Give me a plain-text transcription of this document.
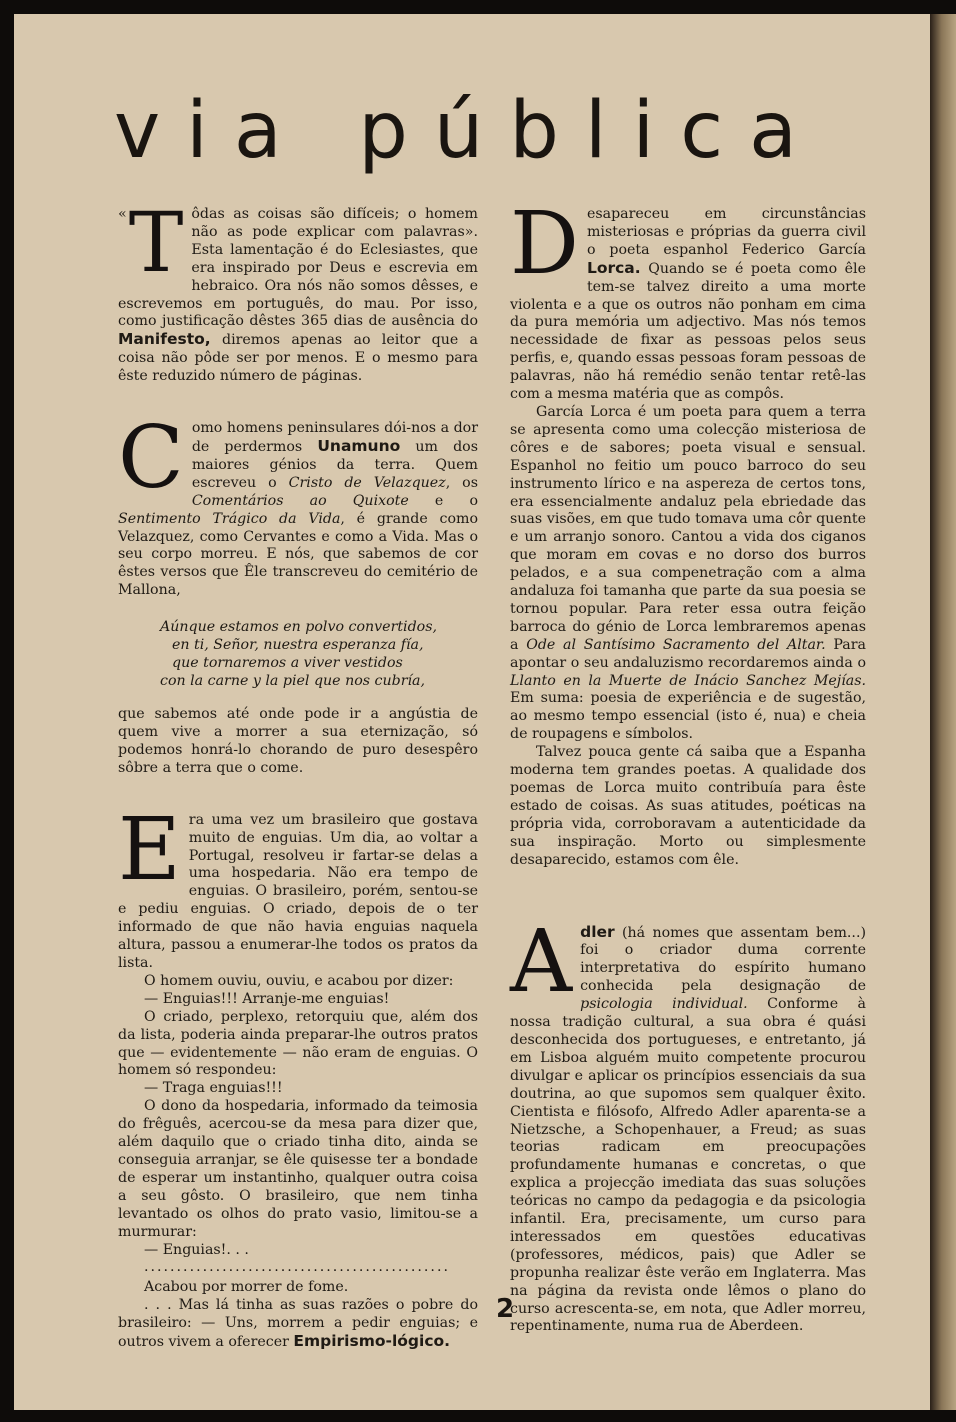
via pública

« T ôdas as coisas são difíceis; o homem não as pode explicar com palavras». Esta lamentação é do Eclesiastes, que era inspirado por Deus e escrevia em hebraico. Ora nós não somos dêsses, e escrevemos em português, do mau. Por isso, como justificação dêstes 365 dias de ausência do Manifesto, diremos apenas ao leitor que a coisa não pôde ser por menos. E o mesmo para êste reduzido número de páginas.

C omo homens peninsulares dói-nos a dor de perdermos Unamuno um dos maiores génios da terra. Quem escreveu o Cristo de Velazquez, os Comentários ao Quixote e o Sentimento Trágico da Vida, é grande como Velazquez, como Cervantes e como a Vida. Mas o seu corpo morreu. E nós, que sabemos de cor êstes versos que Êle transcreveu do cemitério de Mallona,

Aúnque estamos en polvo convertidos,
en ti, Señor, nuestra esperanza fía,
que tornaremos a viver vestidos
con la carne y la piel que nos cubría,

que sabemos até onde pode ir a angústia de quem vive a morrer a sua eternização, só podemos honrá-lo chorando de puro desespêro sôbre a terra que o come.

E ra uma vez um brasileiro que gostava muito de enguias. Um dia, ao voltar a Portugal, resolveu ir fartar-se delas a uma hospedaria. Não era tempo de enguias. O brasileiro, porém, sentou-se e pediu enguias. O criado, depois de o ter informado de que não havia enguias naquela altura, passou a enumerar-lhe todos os pratos da lista.

O homem ouviu, ouviu, e acabou por dizer:

— Enguias!!! Arranje-me enguias!

O criado, perplexo, retorquiu que, além dos da lista, poderia ainda preparar-lhe outros pratos que — evidentemente — não eram de enguias. O homem só respondeu:

— Traga enguias!!!

O dono da hospedaria, informado da teimosia do frêguês, acercou-se da mesa para dizer que, além daquilo que o criado tinha dito, ainda se conseguia arranjar, se êle quisesse ter a bondade de esperar um instantinho, qualquer outra coisa a seu gôsto. O brasileiro, que nem tinha levantado os olhos do prato vasio, limitou-se a murmurar:

— Enguias!. . .

...............................................

Acabou por morrer de fome.

. . . Mas lá tinha as suas razões o pobre do brasileiro: — Uns, morrem a pedir enguias; e outros vivem a oferecer Empirismo-lógico.

D esapareceu em circunstâncias misteriosas e próprias da guerra civil o poeta espanhol Federico García Lorca. Quando se é poeta como êle tem-se talvez direito a uma morte violenta e a que os outros não ponham em cima da pura memória um adjectivo. Mas nós temos necessidade de fixar as pessoas pelos seus perfis, e, quando essas pessoas foram pessoas de palavras, não há remédio senão tentar retê-las com a mesma matéria que as compôs.

García Lorca é um poeta para quem a terra se apresenta como uma colecção misteriosa de côres e de sabores; poeta visual e sensual. Espanhol no feitio um pouco barroco do seu instrumento lírico e na aspereza de certos tons, era essencialmente andaluz pela ebriedade das suas visões, em que tudo tomava uma côr quente e um arranjo sonoro. Cantou a vida dos ciganos que moram em covas e no dorso dos burros pelados, e a sua compenetração com a alma andaluza foi tamanha que parte da sua poesia se tornou popular. Para reter essa outra feição barroca do génio de Lorca lembraremos apenas a Ode al Santísimo Sacramento del Altar. Para apontar o seu andaluzismo recordaremos ainda o Llanto en la Muerte de Inácio Sanchez Mejías. Em suma: poesia de experiência e de sugestão, ao mesmo tempo essencial (isto é, nua) e cheia de roupagens e símbolos.

Talvez pouca gente cá saiba que a Espanha moderna tem grandes poetas. A qualidade dos poemas de Lorca muito contribuía para êste estado de coisas. As suas atitudes, poéticas na própria vida, corroboravam a autenticidade da sua inspiração. Morto ou simplesmente desaparecido, estamos com êle.

A dler (há nomes que assentam bem...) foi o criador duma corrente interpretativa do espírito humano conhecida pela designação de psicologia individual. Conforme à nossa tradição cultural, a sua obra é quási desconhecida dos portugueses, e entretanto, já em Lisboa alguém muito competente procurou divulgar e aplicar os princípios essenciais da sua doutrina, ao que supomos sem qualquer êxito. Cientista e filósofo, Alfredo Adler aparenta-se a Nietzsche, a Schopenhauer, a Freud; as suas teorias radicam em preocupações profundamente humanas e concretas, o que explica a projecção imediata das suas soluções teóricas no campo da pedagogia e da psicologia infantil. Era, precisamente, um curso para interessados em questões educativas (professores, médicos, pais) que Adler se propunha realizar êste verão em Inglaterra. Mas na página da revista onde lêmos o plano do curso acrescenta-se, em nota, que Adler morreu, repentinamente, numa rua de Aberdeen.

2
